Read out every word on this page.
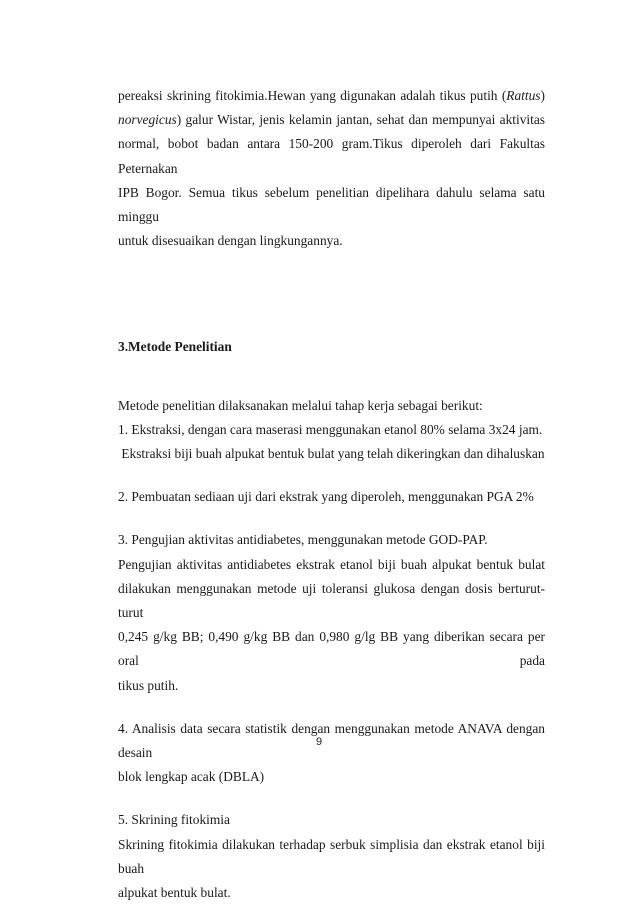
pereaksi skrining fitokimia.Hewan yang digunakan adalah tikus putih (Rattus)
norvegicus) galur Wistar, jenis kelamin jantan, sehat dan mempunyai aktivitas
normal, bobot badan antara 150-200 gram.Tikus diperoleh dari Fakultas Peternakan
IPB Bogor. Semua tikus sebelum penelitian dipelihara dahulu selama satu minggu
untuk disesuaikan dengan lingkungannya.
3.Metode Penelitian
Metode penelitian dilaksanakan melalui tahap kerja sebagai berikut:
1. Ekstraksi, dengan cara maserasi menggunakan etanol 80% selama 3x24 jam.
Ekstraksi biji buah alpukat bentuk bulat yang telah dikeringkan dan dihaluskan
2. Pembuatan sediaan uji dari ekstrak yang diperoleh, menggunakan PGA 2%
3. Pengujian aktivitas antidiabetes, menggunakan metode GOD-PAP.
Pengujian aktivitas antidiabetes ekstrak etanol biji buah alpukat bentuk bulat
dilakukan menggunakan metode uji toleransi glukosa dengan dosis berturut-turut
0,245 g/kg BB; 0,490 g/kg BB dan 0,980 g/lg BB yang diberikan secara per oral pada
tikus putih.
4. Analisis data secara statistik dengan menggunakan metode ANAVA dengan desain
blok lengkap acak (DBLA)
5. Skrining fitokimia
Skrining fitokimia dilakukan terhadap serbuk simplisia dan ekstrak etanol biji buah
alpukat bentuk bulat.
9
